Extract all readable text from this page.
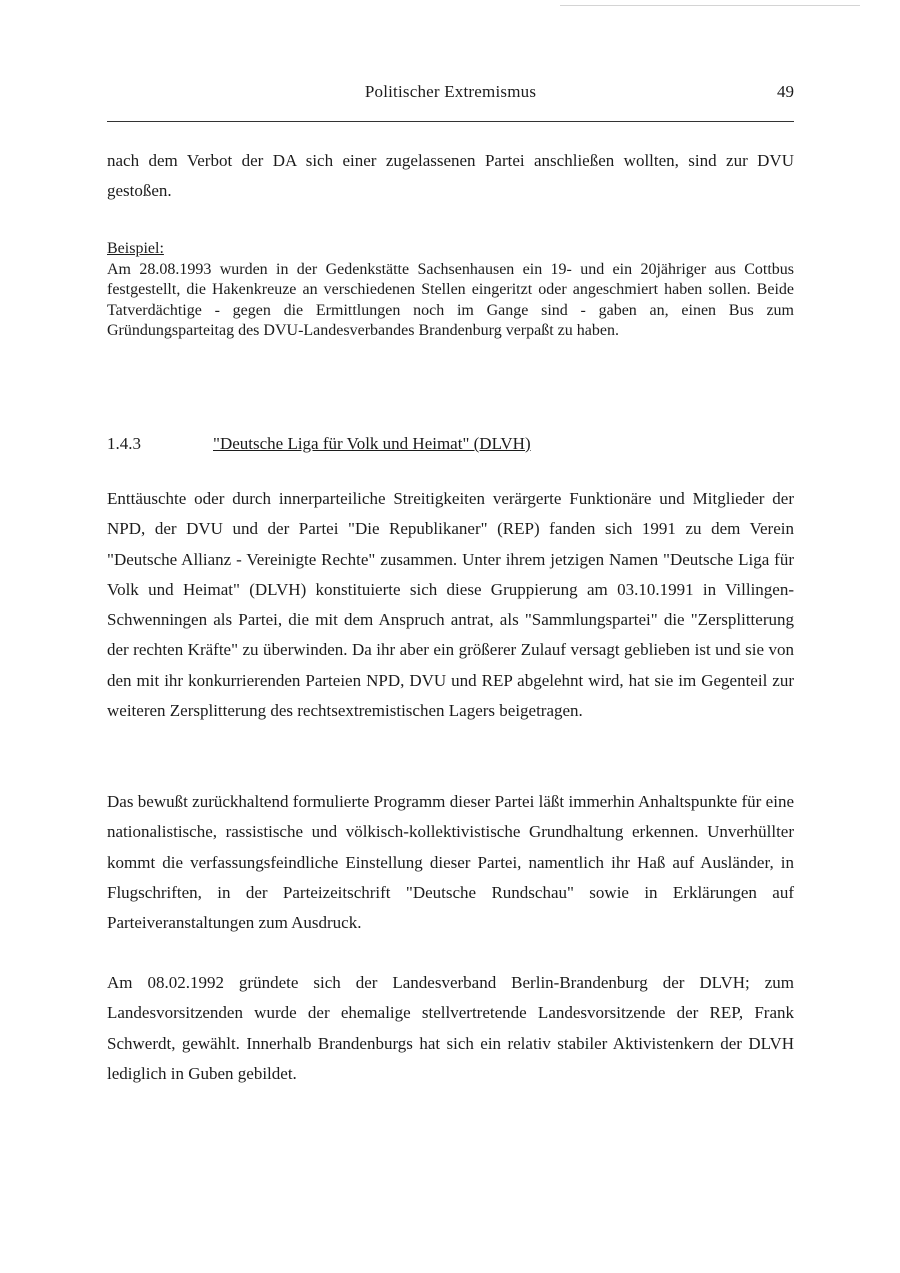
Politischer Extremismus	49

nach dem Verbot der DA sich einer zugelassenen Partei anschließen wollten, sind zur DVU gestoßen.

Beispiel:
Am 28.08.1993 wurden in der Gedenkstätte Sachsenhausen ein 19- und ein 20jähriger aus Cottbus festgestellt, die Hakenkreuze an verschiedenen Stellen eingeritzt oder angeschmiert haben sollen. Beide Tatverdächtige - gegen die Ermittlungen noch im Gange sind - gaben an, einen Bus zum Gründungsparteitag des DVU-Landesverbandes Brandenburg verpaßt zu haben.
1.4.3	"Deutsche Liga für Volk und Heimat" (DLVH)

Enttäuschte oder durch innerparteiliche Streitigkeiten verärgerte Funktionäre und Mitglieder der NPD, der DVU und der Partei "Die Republikaner" (REP) fanden sich 1991 zu dem Verein "Deutsche Allianz - Vereinigte Rechte" zusammen. Unter ihrem jetzigen Namen "Deutsche Liga für Volk und Heimat" (DLVH) konstituierte sich diese Gruppierung am 03.10.1991 in Villingen-Schwenningen als Partei, die mit dem Anspruch antrat, als "Sammlungspartei" die "Zersplitterung der rechten Kräfte" zu überwinden. Da ihr aber ein größerer Zulauf versagt geblieben ist und sie von den mit ihr konkurrierenden Parteien NPD, DVU und REP abgelehnt wird, hat sie im Gegenteil zur weiteren Zersplitterung des rechtsextremistischen Lagers beigetragen.

Das bewußt zurückhaltend formulierte Programm dieser Partei läßt immerhin Anhaltspunkte für eine nationalistische, rassistische und völkisch-kollektivistische Grundhaltung erkennen. Unverhüllter kommt die verfassungsfeindliche Einstellung dieser Partei, namentlich ihr Haß auf Ausländer, in Flugschriften, in der Parteizeitschrift "Deutsche Rundschau" sowie in Erklärungen auf Parteiveranstaltungen zum Ausdruck.

Am 08.02.1992 gründete sich der Landesverband Berlin-Brandenburg der DLVH; zum Landesvorsitzenden wurde der ehemalige stellvertretende Landesvorsitzende der REP, Frank Schwerdt, gewählt. Innerhalb Brandenburgs hat sich ein relativ stabiler Aktivistenkern der DLVH lediglich in Guben gebildet.
